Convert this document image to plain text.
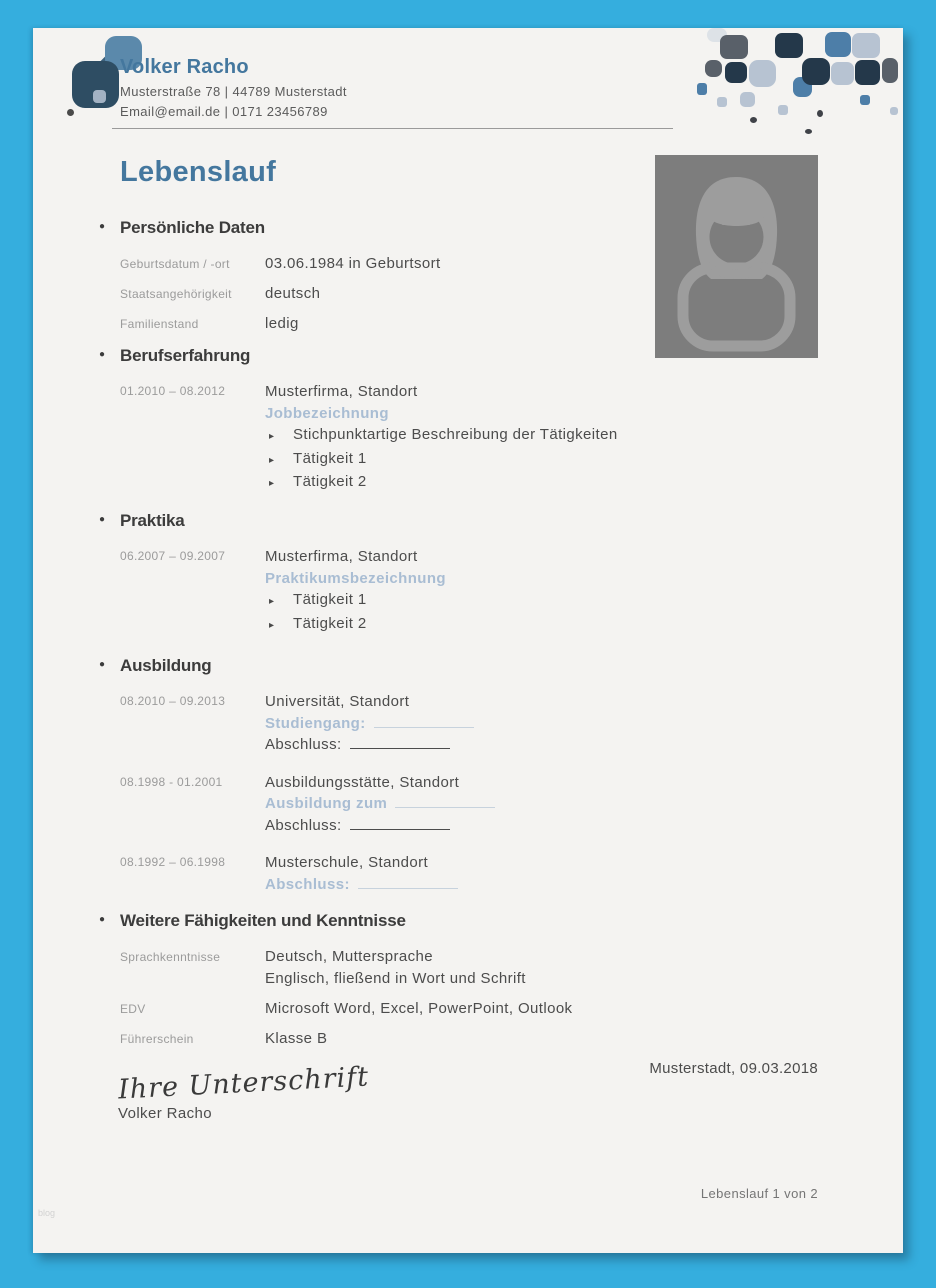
Volker Racho
Musterstraße 78 | 44789 Musterstadt
Email@email.de | 0171 23456789
Lebenslauf
● Persönliche Daten
Geburtsdatum / -ort	03.06.1984 in Geburtsort
Staatsangehörigkeit	deutsch
Familienstand	ledig
● Berufserfahrung
01.2010 – 08.2012	Musterfirma, Standort
Jobbezeichnung
▸	Stichpunktartige Beschreibung der Tätigkeiten
▸	Tätigkeit 1
▸	Tätigkeit 2
● Praktika
06.2007 – 09.2007	Musterfirma, Standort
Praktikumsbezeichnung
▸	Tätigkeit 1
▸	Tätigkeit 2
● Ausbildung
08.2010 – 09.2013	Universität, Standort
Studiengang:
Abschluss:
08.1998 - 01.2001	Ausbildungsstätte, Standort
Ausbildung zum
Abschluss:
08.1992 – 06.1998	Musterschule, Standort
Abschluss:
● Weitere Fähigkeiten und Kenntnisse
Sprachkenntnisse	Deutsch, Muttersprache
Englisch, fließend in Wort und Schrift
EDV	Microsoft Word, Excel, PowerPoint, Outlook
Führerschein	Klasse B
Musterstadt, 09.03.2018
Ihre Unterschrift
Volker Racho
Lebenslauf 1 von 2
blog
